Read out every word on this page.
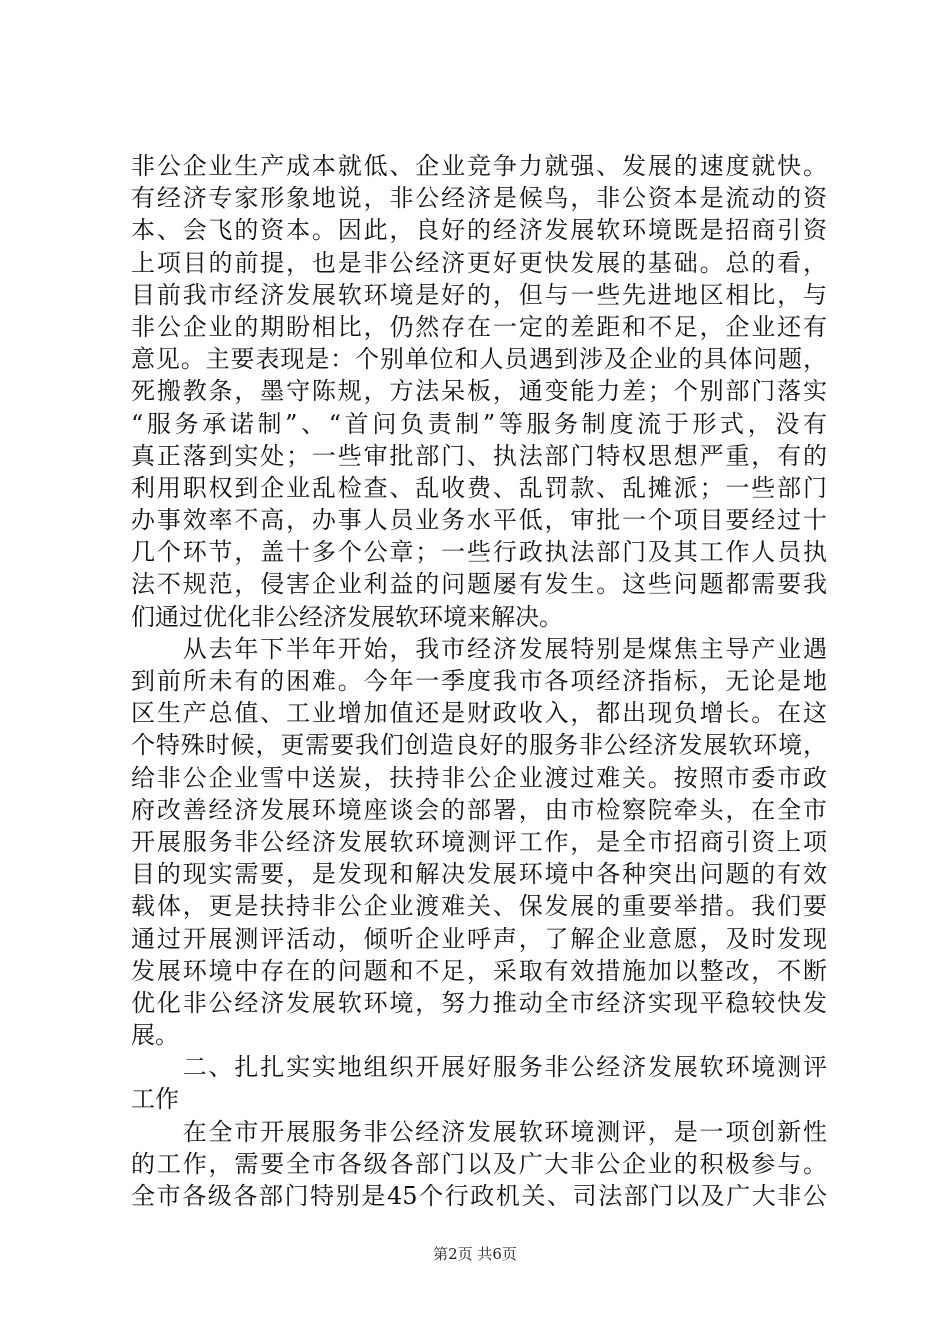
非公企业生产成本就低、企业竞争力就强、发展的速度就快。
有经济专家形象地说，非公经济是候鸟，非公资本是流动的资
本、会飞的资本。因此，良好的经济发展软环境既是招商引资
上项目的前提，也是非公经济更好更快发展的基础。总的看，
目前我市经济发展软环境是好的，但与一些先进地区相比，与
非公企业的期盼相比，仍然存在一定的差距和不足，企业还有
意见。主要表现是：个别单位和人员遇到涉及企业的具体问题，
死搬教条，墨守陈规，方法呆板，通变能力差；个别部门落实
“服务承诺制”、“首问负责制”等服务制度流于形式，没有
真正落到实处；一些审批部门、执法部门特权思想严重，有的
利用职权到企业乱检查、乱收费、乱罚款、乱摊派；一些部门
办事效率不高，办事人员业务水平低，审批一个项目要经过十
几个环节，盖十多个公章；一些行政执法部门及其工作人员执
法不规范，侵害企业利益的问题屡有发生。这些问题都需要我
们通过优化非公经济发展软环境来解决。
　　从去年下半年开始，我市经济发展特别是煤焦主导产业遇
到前所未有的困难。今年一季度我市各项经济指标，无论是地
区生产总值、工业增加值还是财政收入，都出现负增长。在这
个特殊时候，更需要我们创造良好的服务非公经济发展软环境，
给非公企业雪中送炭，扶持非公企业渡过难关。按照市委市政
府改善经济发展环境座谈会的部署，由市检察院牵头，在全市
开展服务非公经济发展软环境测评工作，是全市招商引资上项
目的现实需要，是发现和解决发展环境中各种突出问题的有效
载体，更是扶持非公企业渡难关、保发展的重要举措。我们要
通过开展测评活动，倾听企业呼声，了解企业意愿，及时发现
发展环境中存在的问题和不足，采取有效措施加以整改，不断
优化非公经济发展软环境，努力推动全市经济实现平稳较快发
展。
　　二、扎扎实实地组织开展好服务非公经济发展软环境测评
工作
　　在全市开展服务非公经济发展软环境测评，是一项创新性
的工作，需要全市各级各部门以及广大非公企业的积极参与。
全市各级各部门特别是45个行政机关、司法部门以及广大非公
第2页 共6页
